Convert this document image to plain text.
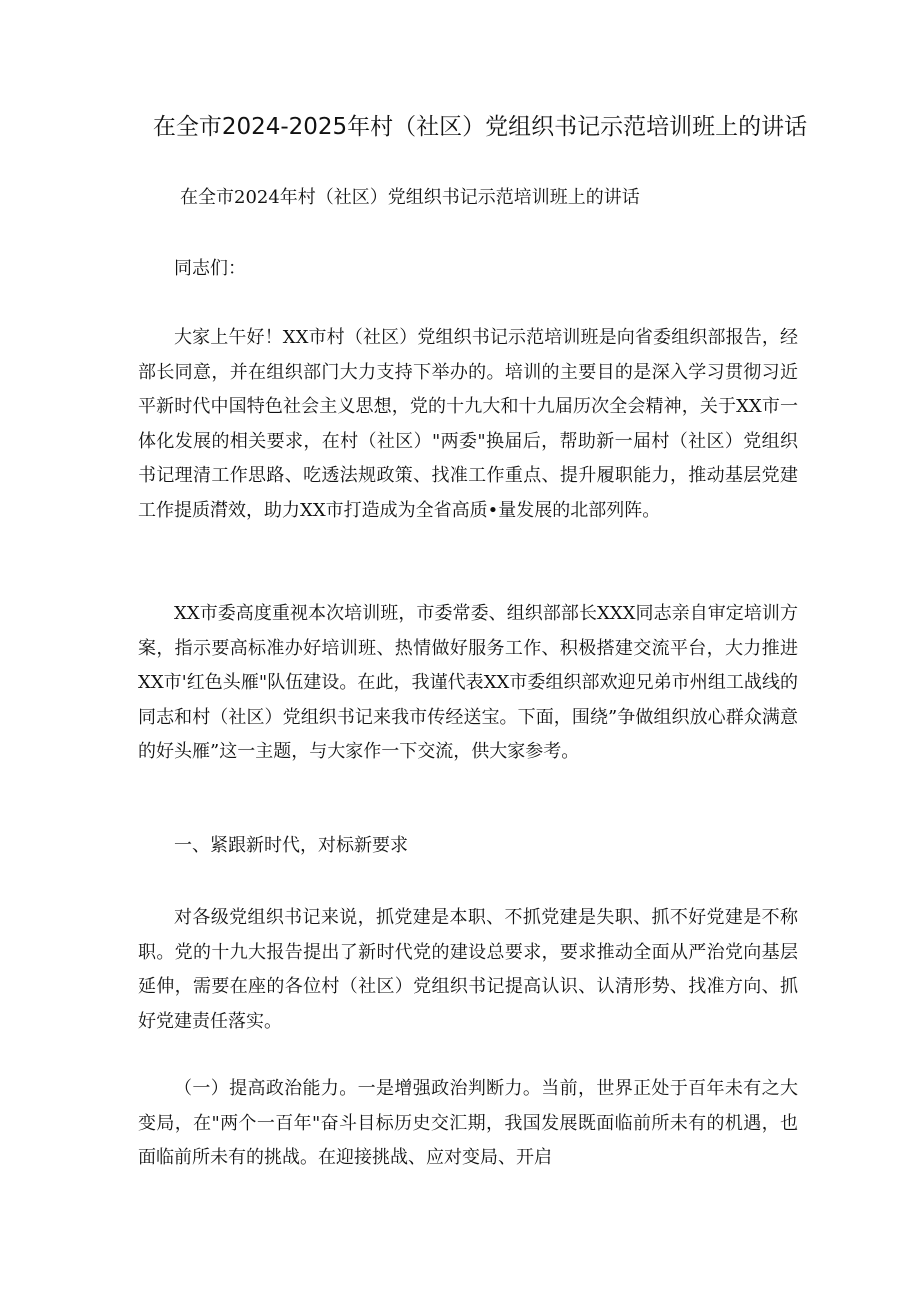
在全市2024-2025年村（社区）党组织书记示范培训班上的讲话

在全市2024年村（社区）党组织书记示范培训班上的讲话

同志们：

大家上午好！XX市村（社区）党组织书记示范培训班是向省委组织部报告，经部长同意，并在组织部门大力支持下举办的。培训的主要目的是深入学习贯彻习近平新时代中国特色社会主义思想，党的十九大和十九届历次全会精神，关于XX市一体化发展的相关要求，在村（社区）"两委"换届后，帮助新一届村（社区）党组织书记理清工作思路、吃透法规政策、找准工作重点、提升履职能力，推动基层党建工作提质潸效，助力XX市打造成为全省高质•量发展的北部列阵。

XX市委高度重视本次培训班，市委常委、组织部部长XXX同志亲自审定培训方案，指示要高标准办好培训班、热情做好服务工作、积极搭建交流平台，大力推进XX市'红色头雁"队伍建设。在此，我谨代表XX市委组织部欢迎兄弟市州组工战线的同志和村（社区）党组织书记来我市传经送宝。下面，围绕”争做组织放心群众满意的好头雁”这一主题，与大家作一下交流，供大家参考。

一、紧跟新时代，对标新要求

对各级党组织书记来说，抓党建是本职、不抓党建是失职、抓不好党建是不称职。党的十九大报告提出了新时代党的建设总要求，要求推动全面从严治党向基层延伸，需要在座的各位村（社区）党组织书记提高认识、认清形势、找准方向、抓好党建责任落实。

（一）提高政治能力。一是增强政治判断力。当前，世界正处于百年未有之大变局，在"两个一百年"奋斗目标历史交汇期，我国发展既面临前所未有的机遇，也面临前所未有的挑战。在迎接挑战、应对变局、开启
